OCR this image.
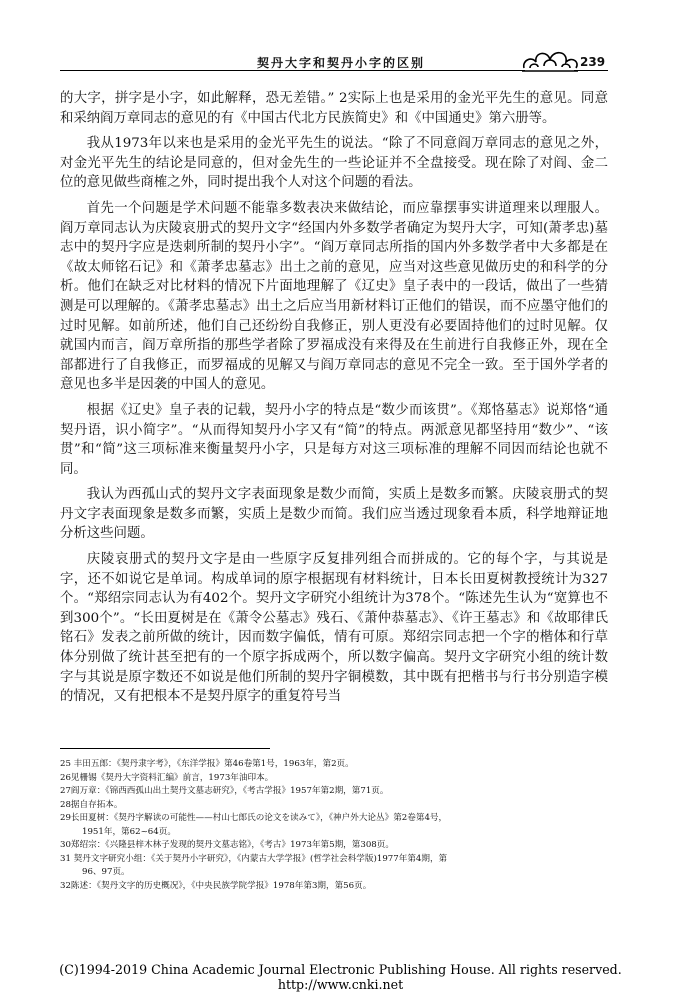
契丹大字和契丹小字的区别	239

的大字，拼字是小字，如此解释，恐无差错。” 2实际上也是采用的金光平先生的意见。同意和采纳阎万章同志的意见的有《中国古代北方民族简史》和《中国通史》第六册等。

我从1973年以来也是采用的金光平先生的说法。“除了不同意阎万章同志的意见之外，对金光平先生的结论是同意的，但对金先生的一些论证并不全盘接受。现在除了对阎、金二位的意见做些商榷之外，同时提出我个人对这个问题的看法。

首先一个问题是学术问题不能靠多数表决来做结论，而应靠摆事实讲道理来以理服人。阎万章同志认为庆陵哀册式的契丹文字“经国内外多数学者确定为契丹大字，可知(萧孝忠)墓志中的契丹字应是迭刺所制的契丹小字”。“阎万章同志所指的国内外多数学者中大多都是在《故太师铭石记》和《萧孝忠墓志》出土之前的意见，应当对这些意见做历史的和科学的分析。他们在缺乏对比材料的情况下片面地理解了《辽史》皇子表中的一段话，做出了一些猜测是可以理解的。《萧孝忠墓志》出土之后应当用新材料订正他们的错误，而不应墨守他们的过时见解。如前所述，他们自己还纷纷自我修正，别人更没有必要固持他们的过时见解。仅就国内而言，阎万章所指的那些学者除了罗福成没有来得及在生前进行自我修正外，现在全部都进行了自我修正，而罗福成的见解又与阎万章同志的意见不完全一致。至于国外学者的意见也多半是因袭的中国人的意见。

根据《辽史》皇子表的记载，契丹小字的特点是“数少而该贯”。《郑恪墓志》说郑恪“通契丹语，识小简字”。“从而得知契丹小字又有“简”的特点。两派意见都坚持用“数少”、“该贯”和“简”这三项标准来衡量契丹小字，只是每方对这三项标准的理解不同因而结论也就不同。

我认为西孤山式的契丹文字表面现象是数少而简，实质上是数多而繁。庆陵哀册式的契丹文字表面现象是数多而繁，实质上是数少而简。我们应当透过现象看本质，科学地辩证地分析这些问题。

庆陵哀册式的契丹文字是由一些原字反复排列组合而拼成的。它的每个字，与其说是字，还不如说它是单词。构成单词的原字根据现有材料统计，日本长田夏树教授统计为327个。“郑绍宗同志认为有402个。契丹文字研究小组统计为378个。“陈述先生认为“宽算也不到300个”。“长田夏树是在《萧令公墓志》残石、《萧仲恭墓志》、《许王墓志》和《故耶律氏铭石》发表之前所做的统计，因而数字偏低，情有可原。郑绍宗同志把一个字的楷体和行草体分别做了统计甚至把有的一个原字拆成两个，所以数字偏高。契丹文字研究小组的统计数字与其说是原字数还不如说是他们所制的契丹字铜模数，其中既有把楷书与行书分别造字模的情况，又有把根本不是契丹原字的重复符号当

25 丰田五郎：《契丹隶字考》，《东洋学报》第46卷第1号，1963年，第2页。

26见栅锡《契丹大字资料汇编》前言，1973年油印本。

27阎万章：《锦西西孤山出土契丹文墓志研究》，《考古学报》1957年第2期，第71页。

28据自存拓本。

29长田夏树：《契丹字解读の可能性——村山七郎氏の论文を读みて》，《神户外大论丛》第2卷第4号，
1951年，第62~64页。

30郑绍宗：《兴隆县梓木林子发现的契丹文墓志铭》，《考古》1973年第5期，第308页。

31 契丹文字研究小组：《关于契丹小字研究》，《内蒙古大学学报》(哲学社会科学版)1977年第4期，第
96、97页。

32陈述：《契丹文字的历史概况》，《中央民族学院学报》1978年第3期，第56页。

(C)1994-2019 China Academic Journal Electronic Publishing House. All rights reserved. http://www.cnki.net
